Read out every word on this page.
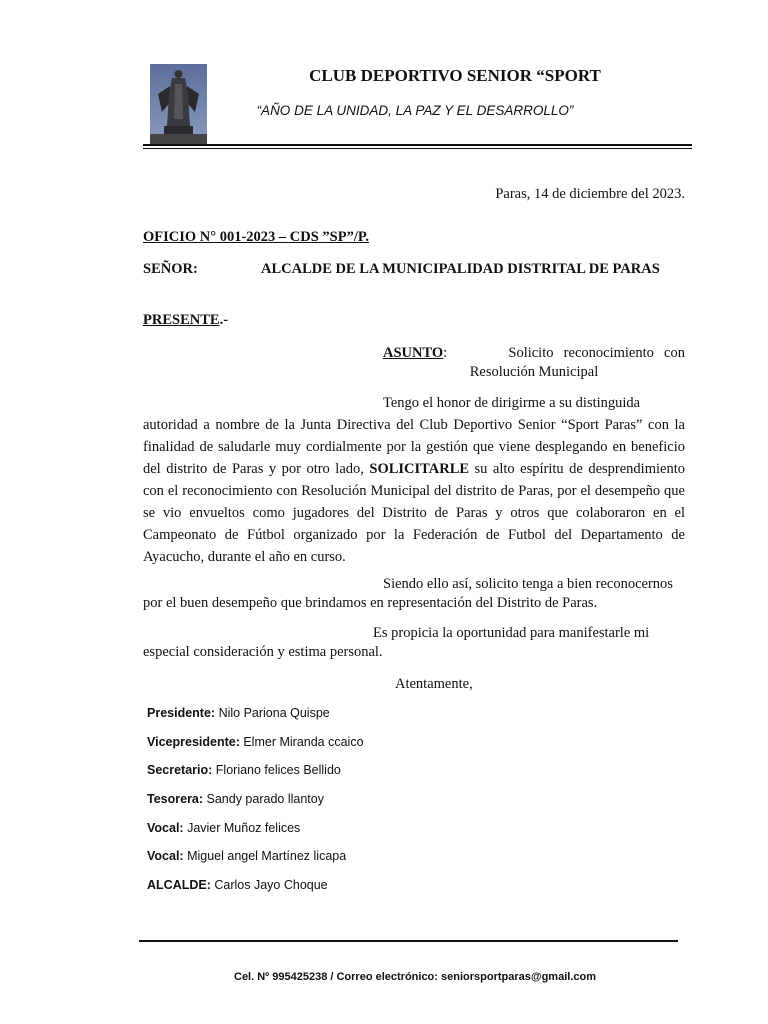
CLUB DEPORTIVO SENIOR “SPORT
“AÑO DE LA UNIDAD, LA PAZ Y EL DESARROLLO”
Paras, 14 de diciembre del 2023.
OFICIO N° 001-2023 – CDS ”SP”/P.
SEÑOR:	ALCALDE DE LA MUNICIPALIDAD DISTRITAL DE PARAS
PRESENTE.-
ASUNTO:	Solicito reconocimiento con
Resolución Municipal
Tengo el honor de dirigirme a su distinguida
autoridad a nombre de la Junta Directiva del Club Deportivo Senior “Sport Paras” con la finalidad de saludarle muy cordialmente por la gestión que viene desplegando en beneficio del distrito de Paras y por otro lado, SOLICITARLE su alto espíritu de desprendimiento con el reconocimiento con Resolución Municipal del distrito de Paras, por el desempeño que se vio envueltos como jugadores del Distrito de Paras y otros que colaboraron en el Campeonato de Fútbol organizado por la Federación de Futbol del Departamento de Ayacucho, durante el año en curso.
Siendo ello así, solicito tenga a bien reconocernos
por el buen desempeño que brindamos en representación del Distrito de Paras.
Es propicia la oportunidad para manifestarle mi
especial consideración y estima personal.
Atentamente,
Presidente: Nilo Pariona Quispe
Vicepresidente: Elmer Miranda ccaico
Secretario: Floriano felices Bellido
Tesorera: Sandy parado llantoy
Vocal: Javier Muñoz felices
Vocal: Miguel angel Martínez licapa
ALCALDE: Carlos Jayo Choque
Cel. Nº 995425238 / Correo electrónico: seniorsportparas@gmail.com
